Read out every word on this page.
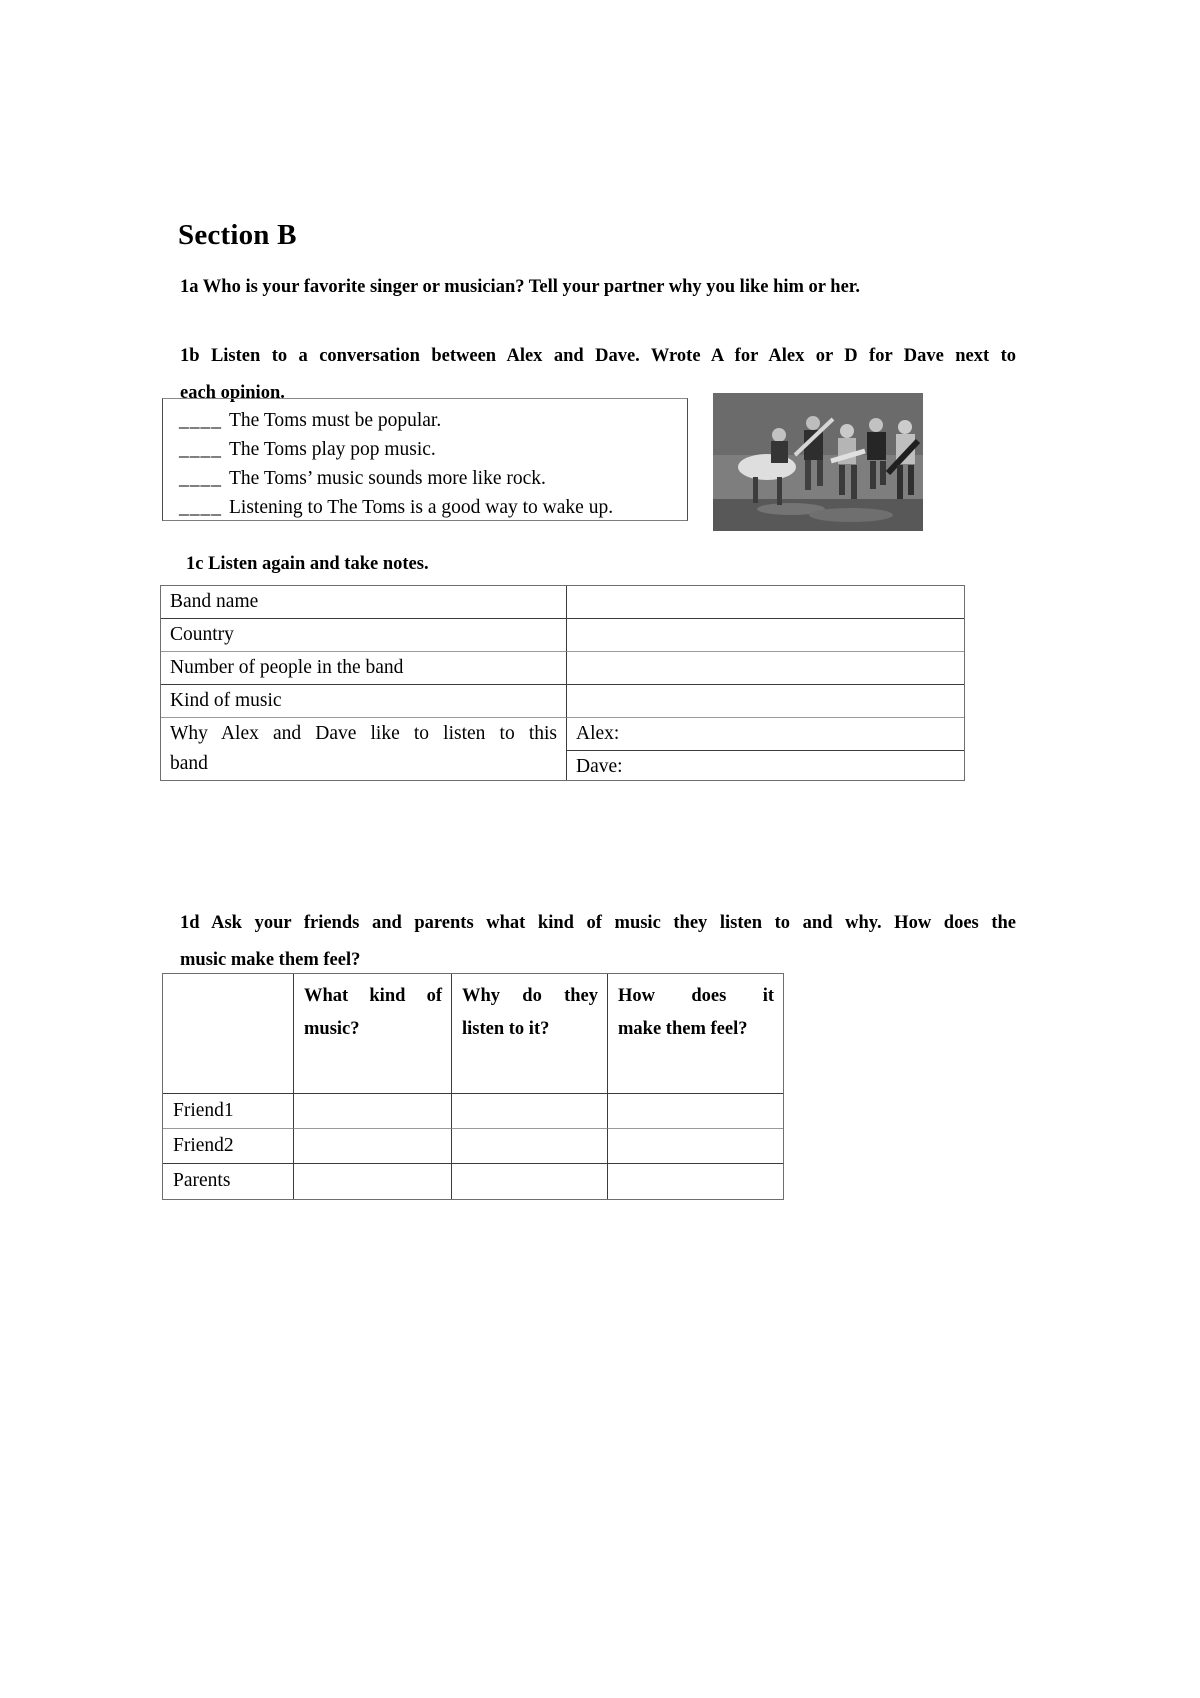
Section B
1a Who is your favorite singer or musician? Tell your partner why you like him or her.
1b Listen to a conversation between Alex and Dave. Wrote A for Alex or D for Dave next to
each opinion.
____ The Toms must be popular.
____ The Toms play pop music.
____ The Toms’ music sounds more like rock.
____ Listening to The Toms is a good way to wake up.
1c Listen again and take notes.
Band name
Country
Number of people in the band
Kind of music
Why Alex and Dave like to listen to this
band
Alex:
Dave:
1d Ask your friends and parents what kind of music they listen to and why. How does the
music make them feel?
What kind of
music?
Why do they
listen to it?
How does it
make them feel?
Friend1
Friend2
Parents
